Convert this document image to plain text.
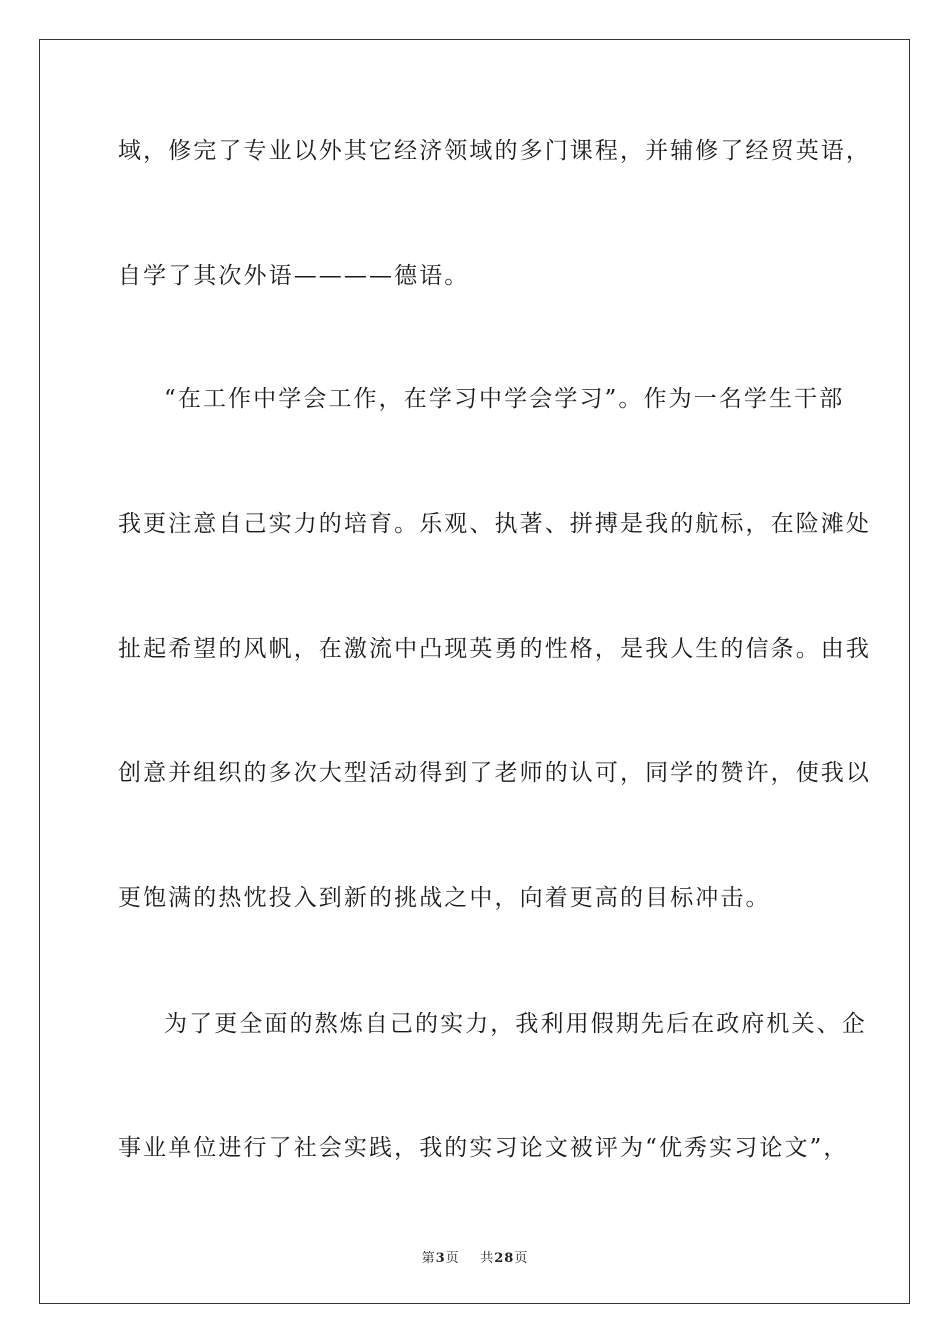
域，修完了专业以外其它经济领域的多门课程，并辅修了经贸英语，
自学了其次外语————德语。
“在工作中学会工作，在学习中学会学习”。作为一名学生干部
我更注意自己实力的培育。乐观、执著、拼搏是我的航标，在险滩处
扯起希望的风帆，在激流中凸现英勇的性格，是我人生的信条。由我
创意并组织的多次大型活动得到了老师的认可，同学的赞许，使我以
更饱满的热忱投入到新的挑战之中，向着更高的目标冲击。
为了更全面的熬炼自己的实力，我利用假期先后在政府机关、企
事业单位进行了社会实践，我的实习论文被评为“优秀实习论文”，
第3页 共28页
